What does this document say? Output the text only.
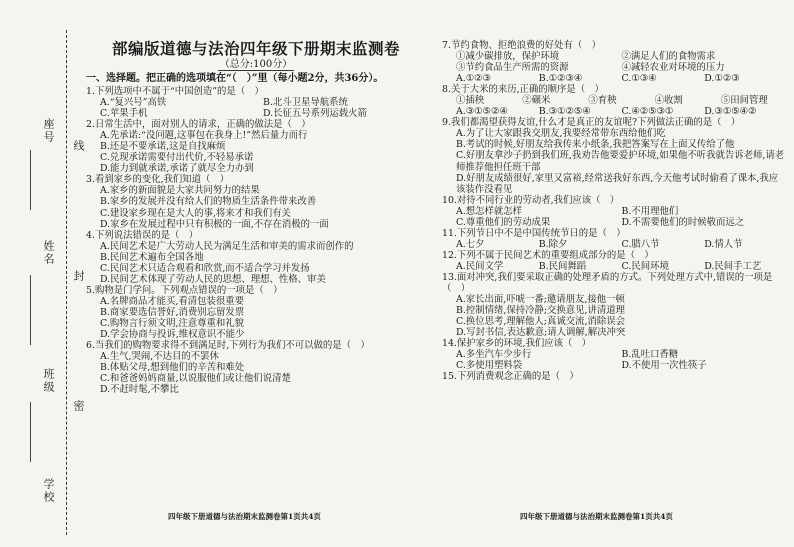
座号
姓名
班级
学校
线
封
密
部编版道德与法治四年级下册期末监测卷
（总分:100分）
一、选择题。把正确的选项填在“（　）”里（每小题2分，共36分）。
1.下列选项中不属于“中国创造”的是（　）
A.“复兴号”高铁	B.北斗卫星导航系统
C.苹果手机	D.长征五号系列运载火箭
2.日常生活中，面对别人的请求，正确的做法是（　）
A.先承诺:“没问题,这事包在我身上!”然后量力而行
B.还是不要承诺,这是自找麻烦
C.兑现承诺需要付出代价,不轻易承诺
D.能力到就承诺,承诺了就尽全力办到
3.看到家乡的变化,我们知道（　）
A.家乡的新面貌是大家共同努力的结果
B.家乡的发展并没有给人们的物质生活条件带来改善
C.建设家乡现在是大人的事,将来才和我们有关
D.家乡在发展过程中只有积极的一面,不存在消极的一面
4.下列说法错误的是（　）
A.民间艺术是广大劳动人民为满足生活和审美的需求而创作的
B.民间艺术遍布全国各地
C.民间艺术只适合观看和欣赏,而不适合学习并发扬
D.民间艺术体现了劳动人民的思想、理想、性格、审美
5.购物是门学问。下列观点错误的一项是（　）
A.名牌商品才能买,看清包装很重要
B.商家要选信誉好,消费别忘留发票
C.购物言行须文明,注意尊重和礼貌
D.学会协商与投诉,维权意识不能少
6.当我们的购物要求得不到满足时,下列行为我们不可以做的是（　）
A.生气,哭闹,不达目的不罢休
B.体贴父母,想到他们的辛苦和难处
C.和爸爸妈妈商量,以说服他们或让他们说清楚
D.不赶时髦,不攀比
7.节约食物、拒绝浪费的好处有（　）
①减少碳排放，保护环境	②满足人们的食物需求
③节约食品生产所需的资源	④减轻农业对环境的压力
A.①②③	B.①②③④	C.①③④	D.①②③
8.关于大米的来历,正确的顺序是（　）
①插秧	②碾米	③育秧	④收割	⑤田间管理
A.③①⑤②④	B.③①②⑤④	C.④②⑤③①	D.③①⑤④②
9.我们都渴望获得友谊,什么才是真正的友谊呢?下列做法正确的是（　）
A.为了让大家跟我交朋友,我要经常带东西给他们吃
B.考试的时候,好朋友给我传来小纸条,我把答案写在上面又传给了他
C.好朋友拿沙子扔到我们班,我劝告他要爱护环境,如果他不听我就告诉老师,请老师推荐他担任班干部
D.好朋友成绩很好,家里又富裕,经常送我好东西,今天他考试时偷看了课本,我应该装作没看见
10.对待不同行业的劳动者,我们应该（　）
A.想怎样就怎样	B.不用理他们
C.尊重他们的劳动成果	D.不需要他们的时候敬而远之
11.下列节日中不是中国传统节日的是（　）
A.七夕	B.除夕	C.腊八节	D.情人节
12.下列不属于民间艺术的重要组成部分的是（　）
A.民间文学	B.民间舞蹈	C.民间环境	D.民间手工艺
13.面对冲突,我们要采取正确的处理矛盾的方式。下列处理方式中,错误的一项是（　）
A.家长出面,吓唬一番;邀请朋友,接他一顿
B.控制情绪,保持冷静;交换意见,讲清道理
C.换位思考,理解他人;真诚交流,消除误会
D.写封书信,表达歉意;请人调解,解决冲突
14.保护家乡的环境,我们应该（　）
A.多坐汽车少步行	B.乱吐口香糖
C.多使用塑料袋	D.不使用一次性筷子
15.下列消费观念正确的是（　）
四年级下册道德与法治期末监测卷第1页共4页	四年级下册道德与法治期末监测卷第1页共4页
